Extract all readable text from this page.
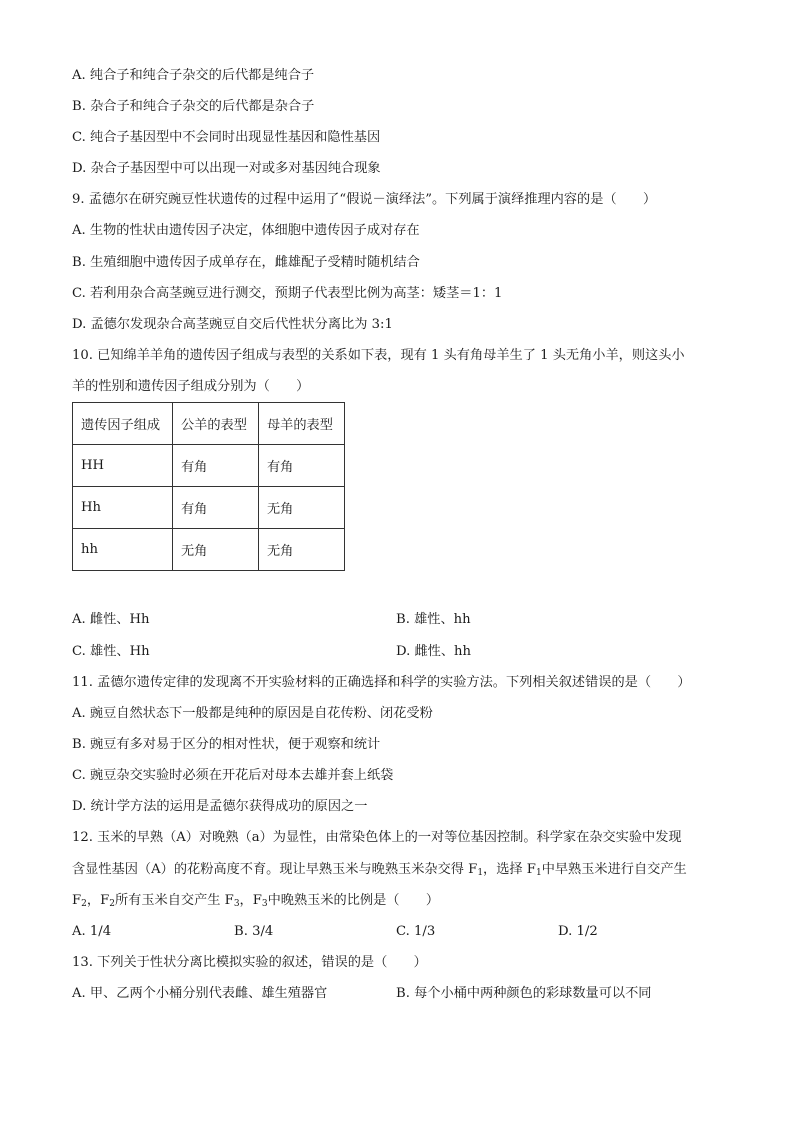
A. 纯合子和纯合子杂交的后代都是纯合子
B. 杂合子和纯合子杂交的后代都是杂合子
C. 纯合子基因型中不会同时出现显性基因和隐性基因
D. 杂合子基因型中可以出现一对或多对基因纯合现象
9. 孟德尔在研究豌豆性状遗传的过程中运用了“假说－演绎法”。下列属于演绎推理内容的是（　　）
A. 生物的性状由遗传因子决定，体细胞中遗传因子成对存在
B. 生殖细胞中遗传因子成单存在，雌雄配子受精时随机结合
C. 若利用杂合高茎豌豆进行测交，预期子代表型比例为高茎：矮茎＝1：1
D. 孟德尔发现杂合高茎豌豆自交后代性状分离比为 3:1
10. 已知绵羊羊角的遗传因子组成与表型的关系如下表，现有 1 头有角母羊生了 1 头无角小羊，则这头小
羊的性别和遗传因子组成分别为（　　）
遗传因子组成	公羊的表型	母羊的表型
HH	有角	有角
Hh	有角	无角
hh	无角	无角
A. 雌性、Hh	B. 雄性、hh
C. 雄性、Hh	D. 雌性、hh
11. 孟德尔遗传定律的发现离不开实验材料的正确选择和科学的实验方法。下列相关叙述错误的是（　　）
A. 豌豆自然状态下一般都是纯种的原因是自花传粉、闭花受粉
B. 豌豆有多对易于区分的相对性状，便于观察和统计
C. 豌豆杂交实验时必须在开花后对母本去雄并套上纸袋
D. 统计学方法的运用是孟德尔获得成功的原因之一
12. 玉米的早熟（A）对晚熟（a）为显性，由常染色体上的一对等位基因控制。科学家在杂交实验中发现
含显性基因（A）的花粉高度不育。现让早熟玉米与晚熟玉米杂交得 $F_1$，选择 $F_1$中早熟玉米进行自交产生
$F_2$，$F_2$所有玉米自交产生 $F_3$，$F_3$中晚熟玉米的比例是（　　）
A. 1/4	B. 3/4	C. 1/3	D. 1/2
13. 下列关于性状分离比模拟实验的叙述，错误的是（　　）
A. 甲、乙两个小桶分别代表雌、雄生殖器官	B. 每个小桶中两种颜色的彩球数量可以不同
